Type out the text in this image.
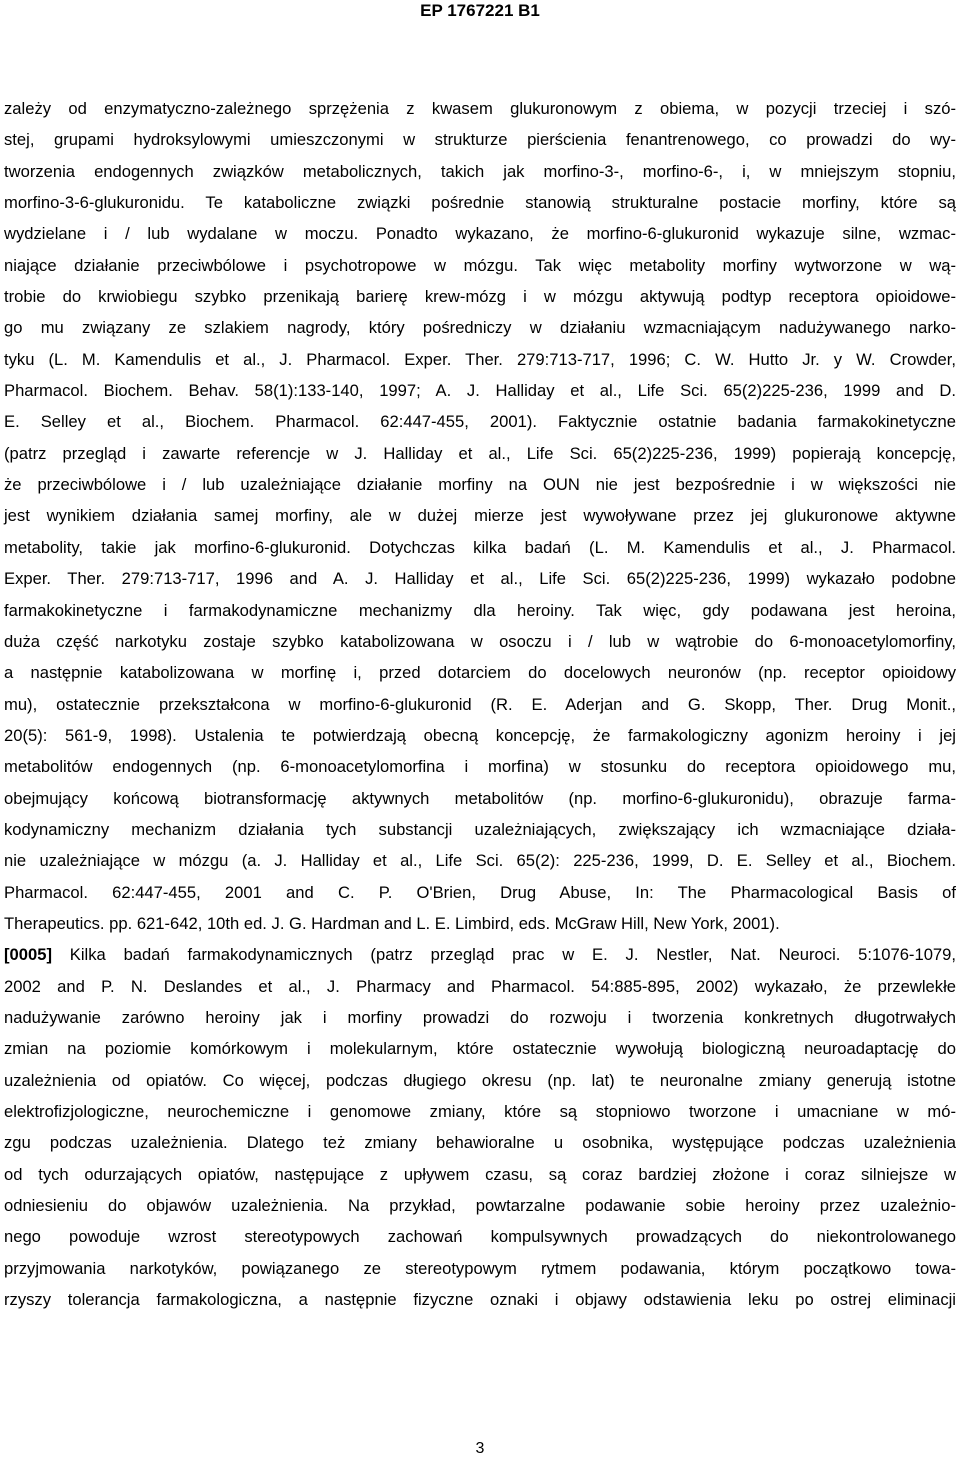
EP 1767221 B1
zależy od enzymatyczno-zależnego sprzężenia z kwasem glukuronowym z obiema, w pozycji trzeciej i szó-
stej, grupami hydroksylowymi umieszczonymi w strukturze pierścienia fenantrenowego, co prowadzi do wy-
tworzenia endogennych związków metabolicznych, takich jak morfino-3-, morfino-6-, i, w mniejszym stopniu,
morfino-3-6-glukuronidu. Te kataboliczne związki pośrednie stanowią strukturalne postacie morfiny, które są
wydzielane i / lub wydalane w moczu. Ponadto wykazano, że morfino-6-glukuronid wykazuje silne, wzmac-
niające działanie przeciwbólowe i psychotropowe w mózgu. Tak więc metabolity morfiny wytworzone w wą-
trobie do krwiobiegu szybko przenikają barierę krew-mózg i w mózgu aktywują podtyp receptora opioidowe-
go mu związany ze szlakiem nagrody, który pośredniczy w działaniu wzmacniającym nadużywanego narko-
tyku (L. M. Kamendulis et al., J. Pharmacol. Exper. Ther. 279:713-717, 1996; C. W. Hutto Jr. y W. Crowder,
Pharmacol. Biochem. Behav. 58(1):133-140, 1997; A. J. Halliday et al., Life Sci. 65(2)225-236, 1999 and D.
E. Selley et al., Biochem. Pharmacol. 62:447-455, 2001). Faktycznie ostatnie badania farmakokinetyczne
(patrz przegląd i zawarte referencje w J. Halliday et al., Life Sci. 65(2)225-236, 1999) popierają koncepcję,
że przeciwbólowe i / lub uzależniające działanie morfiny na OUN nie jest bezpośrednie i w większości nie
jest wynikiem działania samej morfiny, ale w dużej mierze jest wywoływane przez jej glukuronowe aktywne
metabolity, takie jak morfino-6-glukuronid. Dotychczas kilka badań (L. M. Kamendulis et al., J. Pharmacol.
Exper. Ther. 279:713-717, 1996 and A. J. Halliday et al., Life Sci. 65(2)225-236, 1999) wykazało podobne
farmakokinetyczne i farmakodynamiczne mechanizmy dla heroiny. Tak więc, gdy podawana jest heroina,
duża część narkotyku zostaje szybko katabolizowana w osoczu i / lub w wątrobie do 6-monoacetylomorfiny,
a następnie katabolizowana w morfinę i, przed dotarciem do docelowych neuronów (np. receptor opioidowy
mu), ostatecznie przekształcona w morfino-6-glukuronid (R. E. Aderjan and G. Skopp, Ther. Drug Monit.,
20(5): 561-9, 1998). Ustalenia te potwierdzają obecną koncepcję, że farmakologiczny agonizm heroiny i jej
metabolitów endogennych (np. 6-monoacetylomorfina i morfina) w stosunku do receptora opioidowego mu,
obejmujący końcową biotransformację aktywnych metabolitów (np. morfino-6-glukuronidu), obrazuje farma-
kodynamiczny mechanizm działania tych substancji uzależniających, zwiększający ich wzmacniające działa-
nie uzależniające w mózgu (a. J. Halliday et al., Life Sci. 65(2): 225-236, 1999, D. E. Selley et al., Biochem.
Pharmacol. 62:447-455, 2001 and C. P. O'Brien, Drug Abuse, In: The Pharmacological Basis of
Therapeutics. pp. 621-642, 10th ed. J. G. Hardman and L. E. Limbird, eds. McGraw Hill, New York, 2001).
[0005] Kilka badań farmakodynamicznych (patrz przegląd prac w E. J. Nestler, Nat. Neuroci. 5:1076-1079,
2002 and P. N. Deslandes et al., J. Pharmacy and Pharmacol. 54:885-895, 2002) wykazało, że przewlekłe
nadużywanie zarówno heroiny jak i morfiny prowadzi do rozwoju i tworzenia konkretnych długotrwałych
zmian na poziomie komórkowym i molekularnym, które ostatecznie wywołują biologiczną neuroadaptację do
uzależnienia od opiatów. Co więcej, podczas długiego okresu (np. lat) te neuronalne zmiany generują istotne
elektrofizjologiczne, neurochemiczne i genomowe zmiany, które są stopniowo tworzone i umacniane w mó-
zgu podczas uzależnienia. Dlatego też zmiany behawioralne u osobnika, występujące podczas uzależnienia
od tych odurzających opiatów, następujące z upływem czasu, są coraz bardziej złożone i coraz silniejsze w
odniesieniu do objawów uzależnienia. Na przykład, powtarzalne podawanie sobie heroiny przez uzależnio-
nego powoduje wzrost stereotypowych zachowań kompulsywnych prowadzących do niekontrolowanego
przyjmowania narkotyków, powiązanego ze stereotypowym rytmem podawania, którym początkowo towa-
rzyszy tolerancja farmakologiczna, a następnie fizyczne oznaki i objawy odstawienia leku po ostrej eliminacji
3
